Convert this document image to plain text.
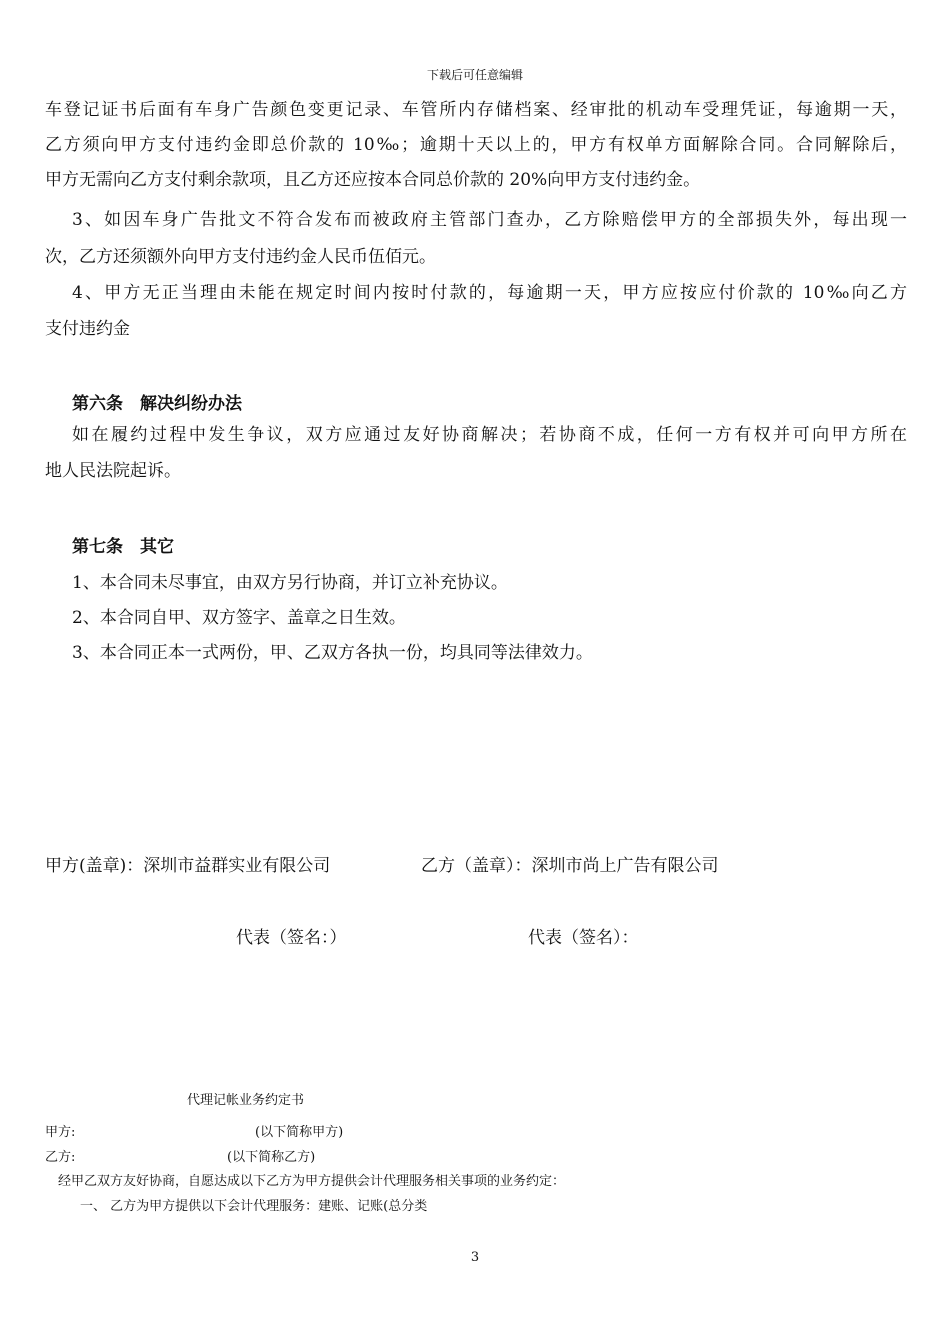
下载后可任意编辑

车登记证书后面有车身广告颜色变更记录、车管所内存储档案、经审批的机动车受理凭证，每逾期一天，

乙方须向甲方支付违约金即总价款的 10‰；逾期十天以上的，甲方有权单方面解除合同。合同解除后，

甲方无需向乙方支付剩余款项，且乙方还应按本合同总价款的 20%向甲方支付违约金。

3、如因车身广告批文不符合发布而被政府主管部门查办，乙方除赔偿甲方的全部损失外，每出现一

次，乙方还须额外向甲方支付违约金人民币伍佰元。

4、甲方无正当理由未能在规定时间内按时付款的，每逾期一天，甲方应按应付价款的 10‰向乙方

支付违约金

第六条　解决纠纷办法

如在履约过程中发生争议，双方应通过友好协商解决；若协商不成，任何一方有权并可向甲方所在

地人民法院起诉。

第七条　其它

1、本合同未尽事宜，由双方另行协商，并订立补充协议。

2、本合同自甲、双方签字、盖章之日生效。

3、本合同正本一式两份，甲、乙双方各执一份，均具同等法律效力。

甲方(盖章)：深圳市益群实业有限公司	乙方（盖章）：深圳市尚上广告有限公司

代表（签名：）	代表（签名）：

代理记帐业务约定书

甲方:	(以下简称甲方)

乙方:	(以下简称乙方)

经甲乙双方友好协商，自愿达成以下乙方为甲方提供会计代理服务相关事项的业务约定：

一、 乙方为甲方提供以下会计代理服务：建账、记账(总分类

3
